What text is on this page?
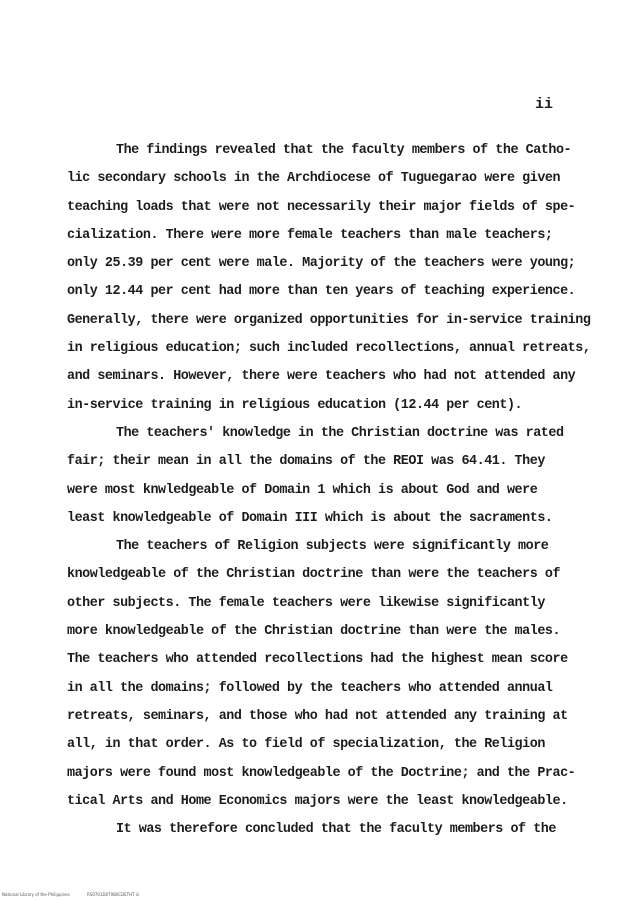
ii
The findings revealed that the faculty members of the Catho-
lic secondary schools in the Archdiocese of Tuguegarao were given
teaching loads that were not necessarily their major fields of spe-
cialization. There were more female teachers than male teachers;
only 25.39 per cent were male. Majority of the teachers were young;
only 12.44 per cent had more than ten years of teaching experience.
Generally, there were organized opportunities for in-service training
in religious education; such included recollections, annual retreats,
and seminars. However, there were teachers who had not attended any
in-service training in religious education (12.44 per cent).
The teachers' knowledge in the Christian doctrine was rated
fair; their mean in all the domains of the REOI was 64.41. They
were most knwledgeable of Domain 1 which is about God and were
least knowledgeable of Domain III which is about the sacraments.
The teachers of Religion subjects were significantly more
knowledgeable of the Christian doctrine than were the teachers of
other subjects. The female teachers were likewise significantly
more knowledgeable of the Christian doctrine than were the males.
The teachers who attended recollections had the highest mean score
in all the domains; followed by the teachers who attended annual
retreats, seminars, and those who had not attended any training at
all, in that order. As to field of specialization, the Religion
majors were found most knowledgeable of the Doctrine; and the Prac-
tical Arts and Home Economics majors were the least knowledgeable.
It was therefore concluded that the faculty members of the
National Library of the Philippines	RS0701D0T080CDETHT iii
